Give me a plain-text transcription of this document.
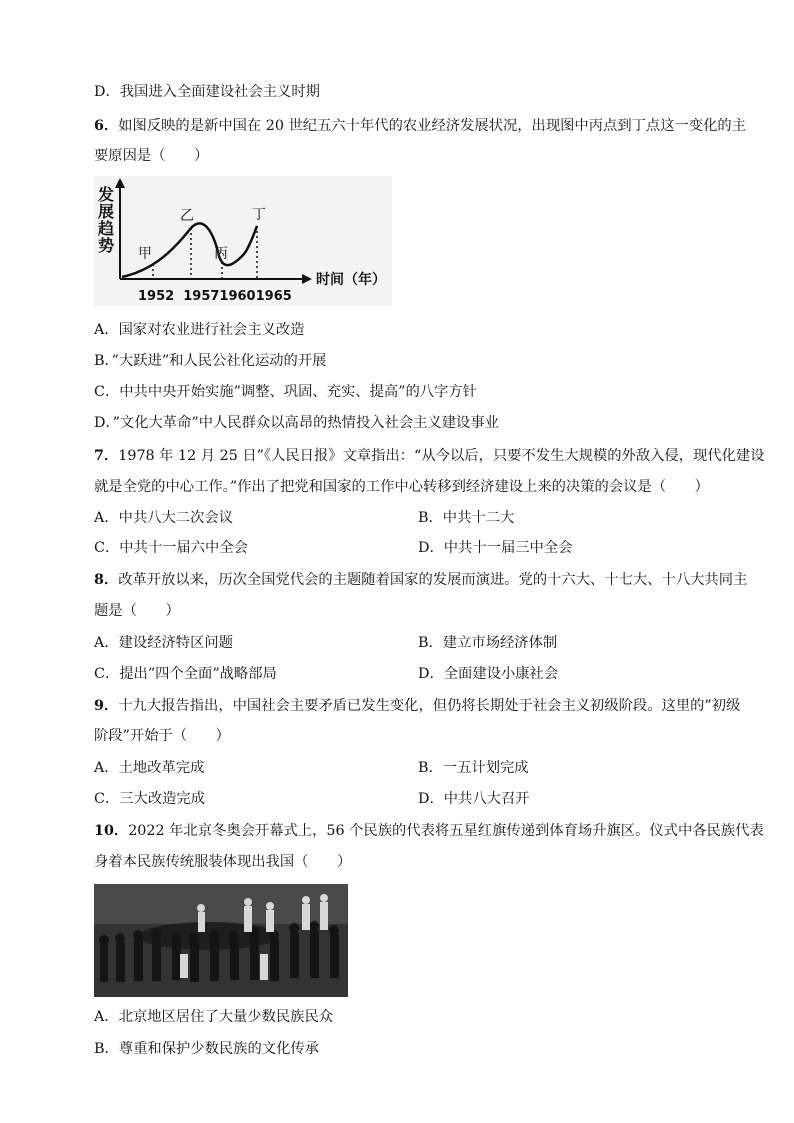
D．我国进入全面建设社会主义时期
6．如图反映的是新中国在 20 世纪五六十年代的农业经济发展状况，出现图中丙点到丁点这一变化的主
要原因是（　　）
发
展
趋
势 甲
乙
丙
丁
1952  195719601965
时间（年）
A．国家对农业进行社会主义改造
B．”大跃进”和人民公社化运动的开展
C．中共中央开始实施”调整、巩固、充实、提高”的八字方针
D．”文化大革命”中人民群众以高昂的热情投入社会主义建设事业
7．1978 年 12 月 25 日”《人民日报》文章指出：“从今以后，只要不发生大规模的外敌入侵，现代化建设
就是全党的中心工作。”作出了把党和国家的工作中心转移到经济建设上来的决策的会议是（　　）
A．中共八大二次会议	B．中共十二大
C．中共十一届六中全会	D．中共十一届三中全会
8．改革开放以来，历次全国党代会的主题随着国家的发展而演进。党的十六大、十七大、十八大共同主
题是（　　）
A．建设经济特区问题	B．建立市场经济体制
C．提出”四个全面”战略部局	D．全面建设小康社会
9．十九大报告指出，中国社会主要矛盾已发生变化，但仍将长期处于社会主义初级阶段。这里的”初级
阶段”开始于（　　）
A．土地改革完成	B．一五计划完成
C．三大改造完成	D．中共八大召开
10．2022 年北京冬奥会开幕式上，56 个民族的代表将五星红旗传递到体育场升旗区。仪式中各民族代表
身着本民族传统服装体现出我国（　　）
A．北京地区居住了大量少数民族民众
B．尊重和保护少数民族的文化传承
